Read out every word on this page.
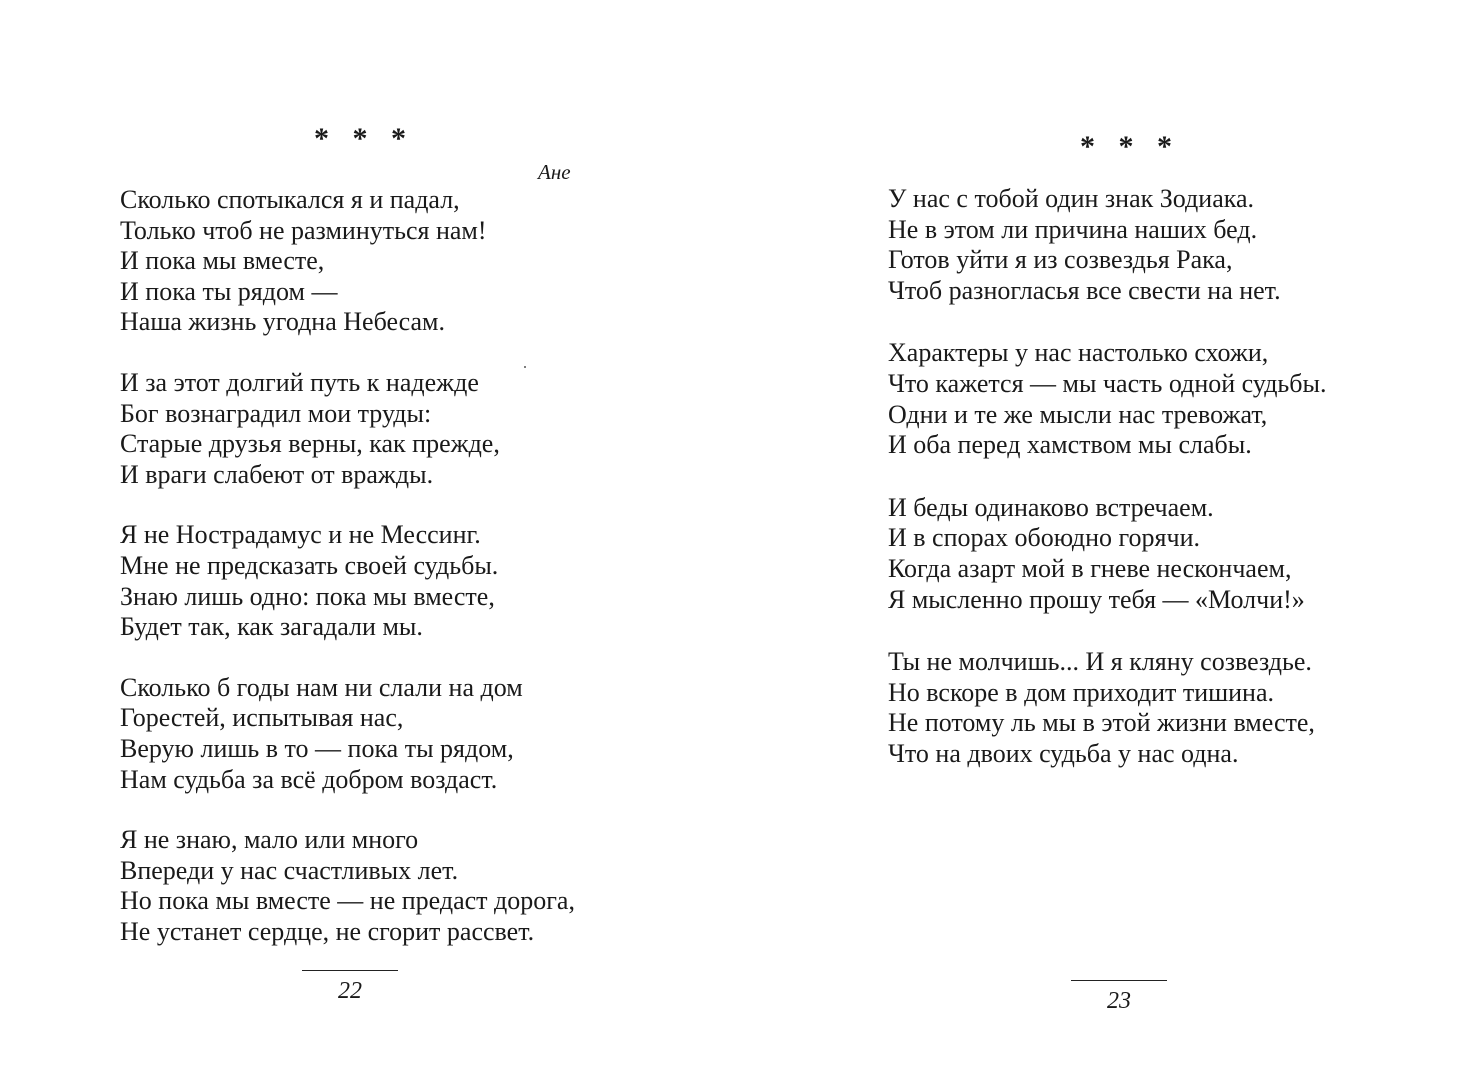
* * *
Ане
Сколько спотыкался я и падал,
Только чтоб не разминуться нам!
И пока мы вместе,
И пока ты рядом —
Наша жизнь угодна Небесам.
И за этот долгий путь к надежде
Бог вознаградил мои труды:
Старые друзья верны, как прежде,
И враги слабеют от вражды.
Я не Нострадамус и не Мессинг.
Мне не предсказать своей судьбы.
Знаю лишь одно: пока мы вместе,
Будет так, как загадали мы.
Сколько б годы нам ни слали на дом
Горестей, испытывая нас,
Верую лишь в то — пока ты рядом,
Нам судьба за всё добром воздаст.
Я не знаю, мало или много
Впереди у нас счастливых лет.
Но пока мы вместе — не предаст дорога,
Не устанет сердце, не сгорит рассвет.
22
* * *
У нас с тобой один знак Зодиака.
Не в этом ли причина наших бед.
Готов уйти я из созвездья Рака,
Чтоб разногласья все свести на нет.
Характеры у нас настолько схожи,
Что кажется — мы часть одной судьбы.
Одни и те же мысли нас тревожат,
И оба перед хамством мы слабы.
И беды одинаково встречаем.
И в спорах обоюдно горячи.
Когда азарт мой в гневе нескончаем,
Я мысленно прошу тебя — «Молчи!»
Ты не молчишь... И я кляну созвездье.
Но вскоре в дом приходит тишина.
Не потому ль мы в этой жизни вместе,
Что на двоих судьба у нас одна.
23
